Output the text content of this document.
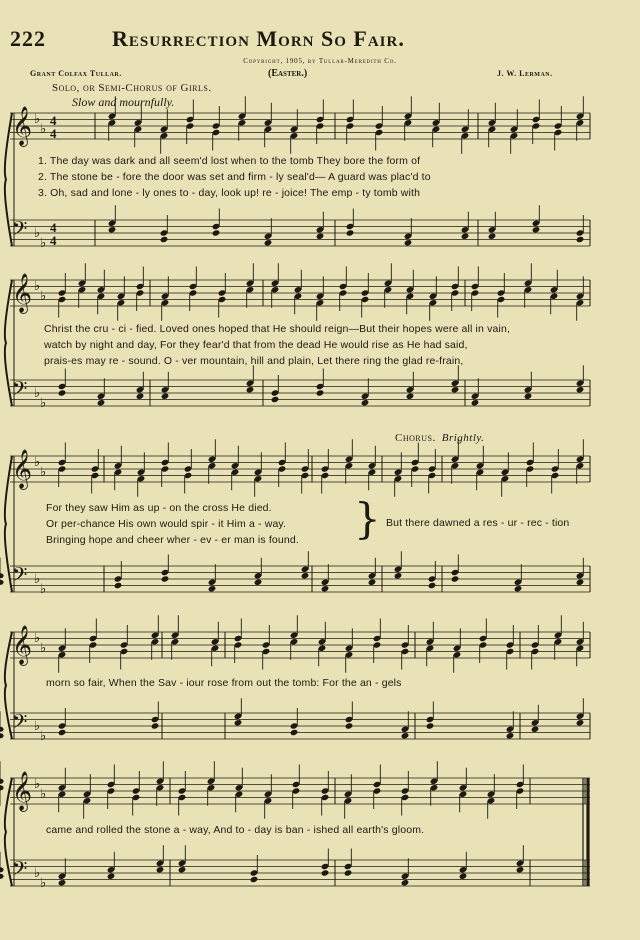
222	Resurrection Morn So Fair.
Copyright, 1905, by Tullar-Meredith Co.
Grant Colfax Tullar.	(Easter.)	J. W. Lerman.
Solo, or Semi-Chorus of Girls.
Slow and mournfully.
Chorus. Brightly.
𝄞 ♭
♭
4
4
𝄢 ♭
♭
4
4
𝄞 ♭
♭
𝄢 ♭
♭
𝄞 ♭
♭
𝄢 ♭
♭
𝄞 ♭
♭
𝄢 ♭
♭
𝄞 ♭
♭
𝄢 ♭
♭
1. The day was dark and all seem'd lost when to the tomb They bore the form of
2. The stone be - fore the door was set and firm - ly seal'd— A guard was plac'd to
3. Oh, sad and lone - ly ones to - day, look up! re - joice! The emp - ty tomb with
Christ the cru - ci - fied. Loved ones hoped that He should reign—But their hopes were all in vain,
watch by night and day, For they fear'd that from the dead He would rise as He had said,
prais-es may re - sound. O - ver mountain, hill and plain, Let there ring the glad re-frain,
For they saw Him as up - on the cross He died.
Or per-chance His own would spir - it Him a - way.
Bringing hope and cheer wher - ev - er man is found. } But there dawned a res - ur - rec - tion
morn so fair, When the Sav - iour rose from out the tomb: For the an - gels
came and rolled the stone a - way, And to - day is ban - ished all earth's gloom.
